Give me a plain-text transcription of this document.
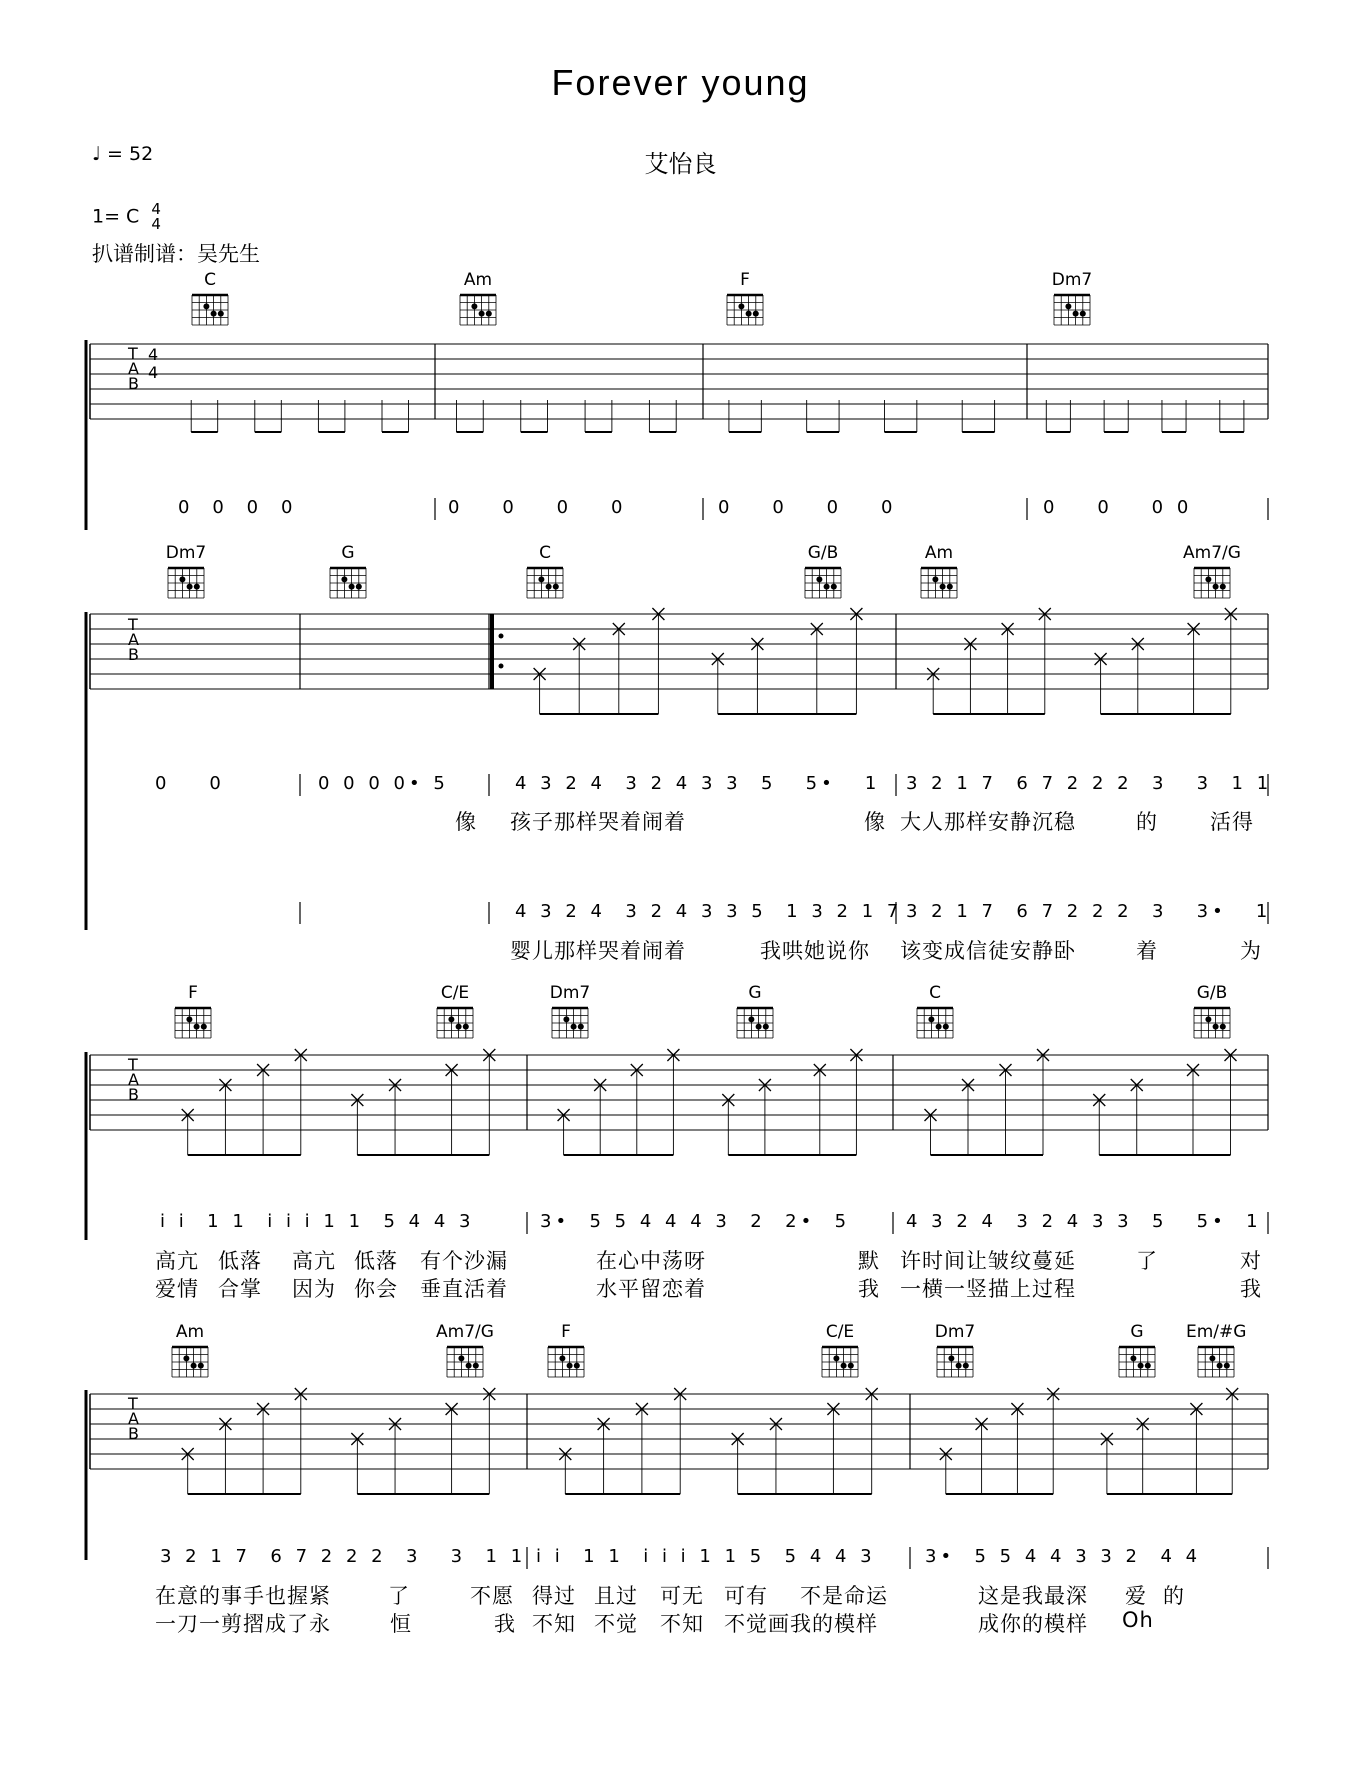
Forever young
艾怡良
♩ = 52
1= C 4
4
扒谱制谱：吴先生
C	Am	F	Dm7
Dm7	G	C	G/B	Am	Am7/G
F	C/E	Dm7	G	C	G/B
Am	Am7/G	F	C/E	Dm7	G	Em/#G
T
A
B
4
4
T
A
B
T
A
B
T
A
B
0    0    0    0	0    0    0    0	0    0    0    0	0    0    0 0
0    0	0 0 0 0• 5	4 3 2 4  3 2 4 3 3  5   5•   1 3 2 1 7  6 7 2 2 2  3   3  1 1
像 孩子那样哭着闹着	像 大人那样安静沉稳	的 活得
4 3 2 4  3 2 4 3 3 5  1 3 2 1 7 3 2 1 7  6 7 2 2 2  3   3•   1
婴儿那样哭着闹着	我哄她说你 该变成信徒安静卧	着	为
i i  1 1  i i i 1 1  5 4 4 3	3•  5 5 4 4 4 3  2  2•  5	4 3 2 4  3 2 4 3 3  5   5•  1
高亢 低落 高亢 低落 有个沙漏	在心中荡呀	默 许时间让皱纹蔓延	了	对
爱情 合掌 因为 你会 垂直活着	水平留恋着	我 一横一竖描上过程	我
3 2 1 7  6 7 2 2 2  3   3  1 1 i i  1 1  i i i 1 1 5  5 4 4 3	3•  5 5 4 4 3 3 2  4 4
在意的事手也握紧	了	不愿 得过 且过 可无 可有 不是命运	这是我最深 爱 的
一刀一剪摺成了永	恒	我 不知 不觉 不知 不觉画我的模样	成你的模样 Oh
